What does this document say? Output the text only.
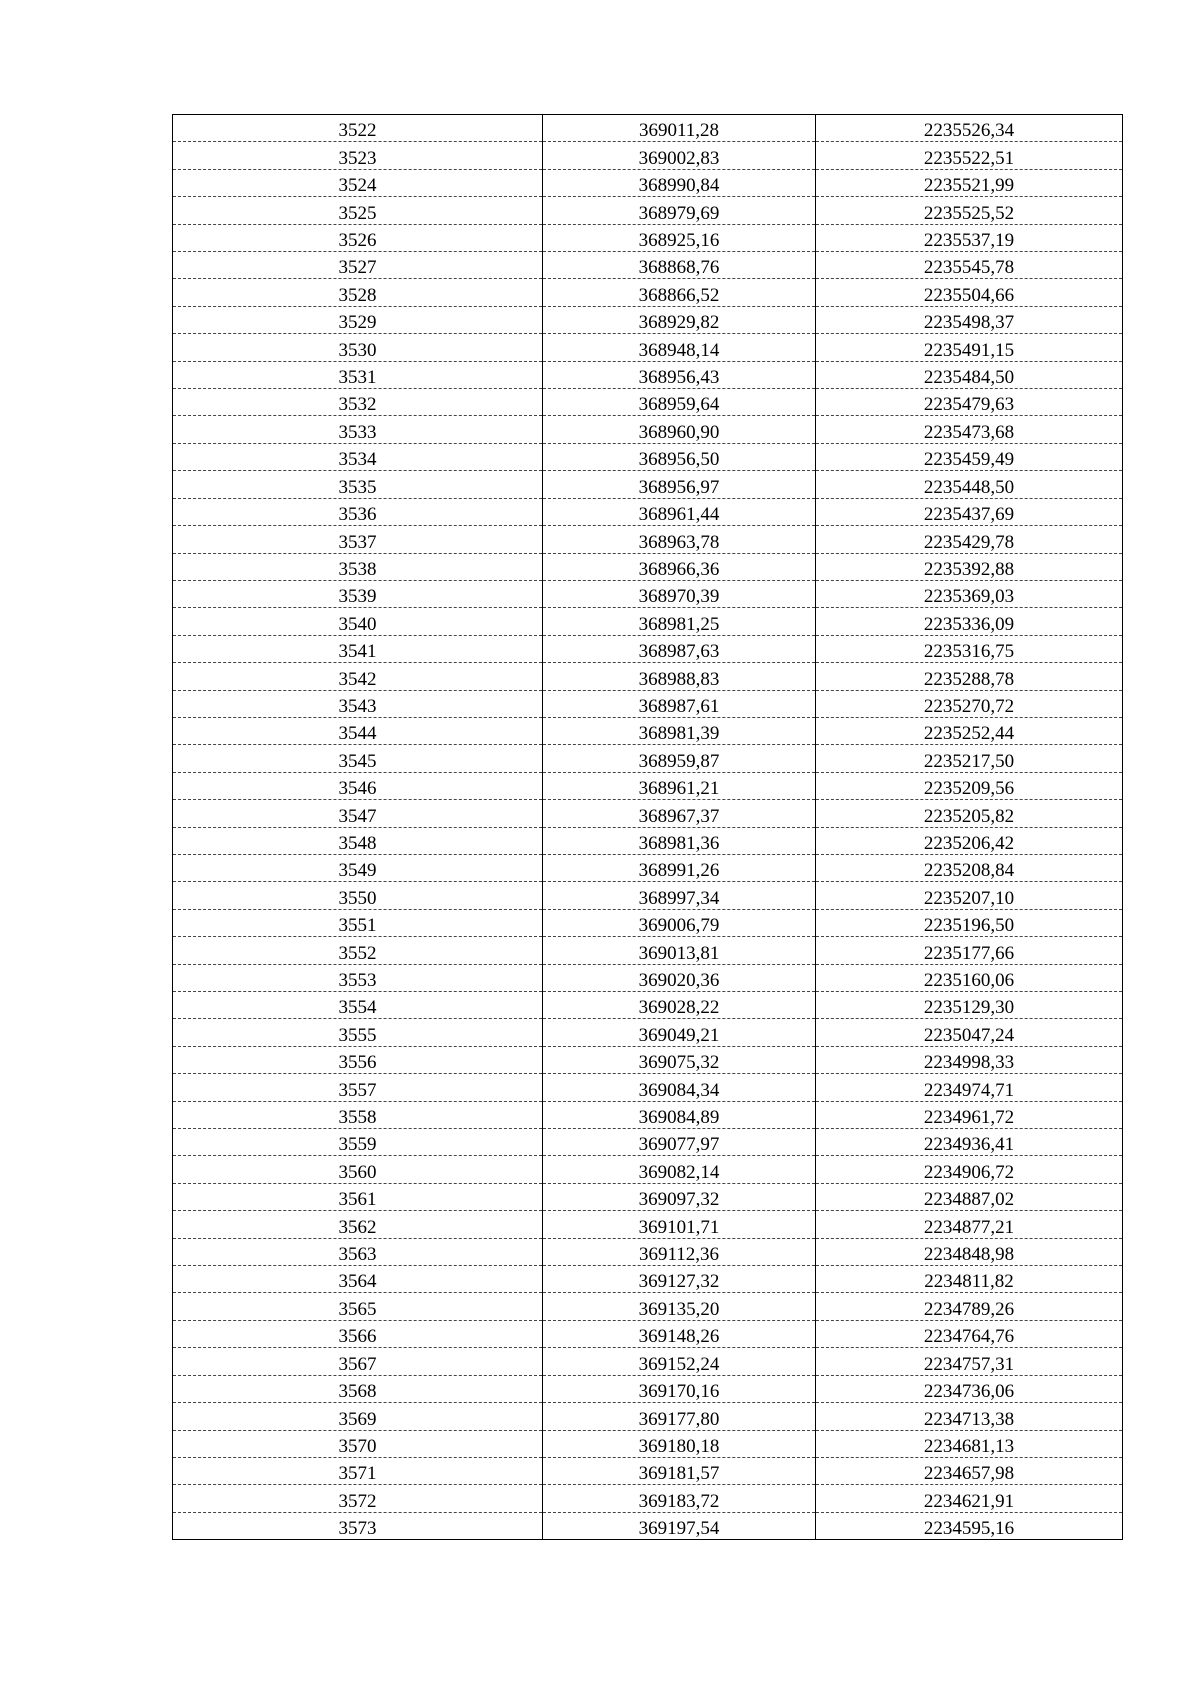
3522	369011,28	2235526,34
3523	369002,83	2235522,51
3524	368990,84	2235521,99
3525	368979,69	2235525,52
3526	368925,16	2235537,19
3527	368868,76	2235545,78
3528	368866,52	2235504,66
3529	368929,82	2235498,37
3530	368948,14	2235491,15
3531	368956,43	2235484,50
3532	368959,64	2235479,63
3533	368960,90	2235473,68
3534	368956,50	2235459,49
3535	368956,97	2235448,50
3536	368961,44	2235437,69
3537	368963,78	2235429,78
3538	368966,36	2235392,88
3539	368970,39	2235369,03
3540	368981,25	2235336,09
3541	368987,63	2235316,75
3542	368988,83	2235288,78
3543	368987,61	2235270,72
3544	368981,39	2235252,44
3545	368959,87	2235217,50
3546	368961,21	2235209,56
3547	368967,37	2235205,82
3548	368981,36	2235206,42
3549	368991,26	2235208,84
3550	368997,34	2235207,10
3551	369006,79	2235196,50
3552	369013,81	2235177,66
3553	369020,36	2235160,06
3554	369028,22	2235129,30
3555	369049,21	2235047,24
3556	369075,32	2234998,33
3557	369084,34	2234974,71
3558	369084,89	2234961,72
3559	369077,97	2234936,41
3560	369082,14	2234906,72
3561	369097,32	2234887,02
3562	369101,71	2234877,21
3563	369112,36	2234848,98
3564	369127,32	2234811,82
3565	369135,20	2234789,26
3566	369148,26	2234764,76
3567	369152,24	2234757,31
3568	369170,16	2234736,06
3569	369177,80	2234713,38
3570	369180,18	2234681,13
3571	369181,57	2234657,98
3572	369183,72	2234621,91
3573	369197,54	2234595,16
